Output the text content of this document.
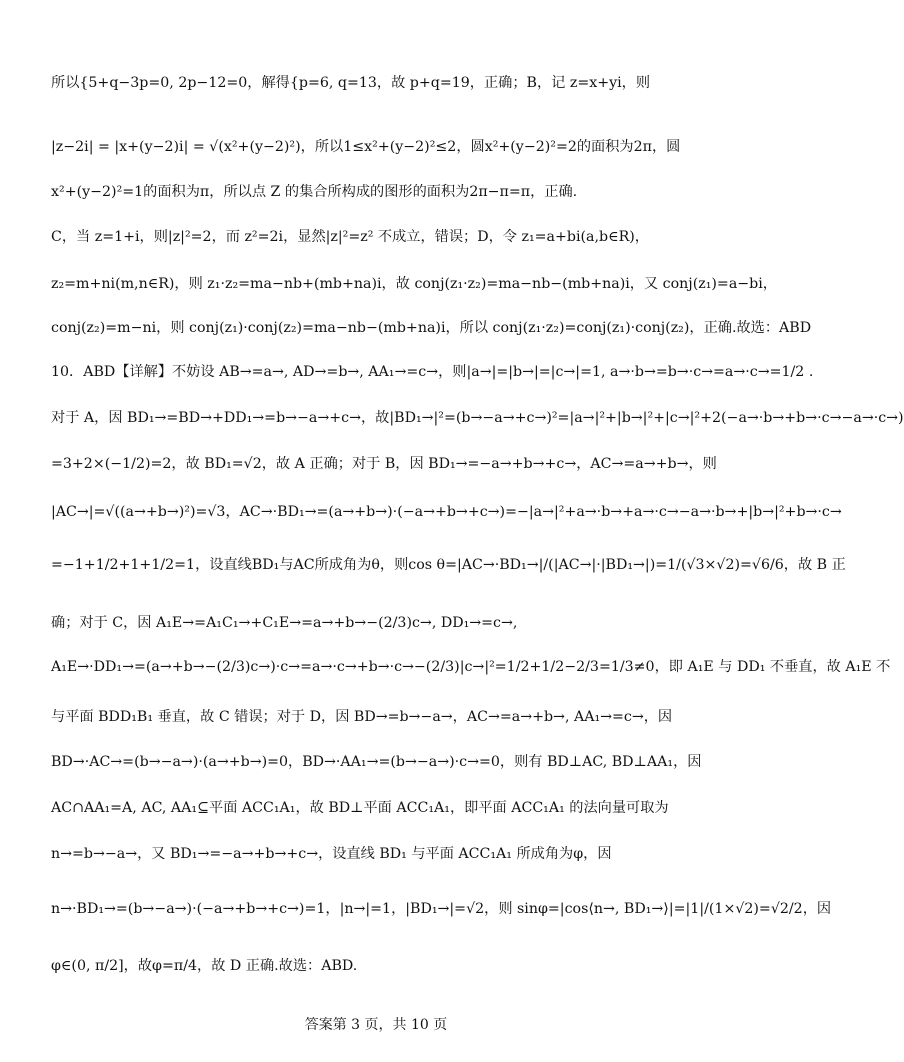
所以{5+q−3p=0, 2p−12=0，解得{p=6, q=13，故 p+q=19，正确；B，记 z=x+yi，则
|z−2i| = |x+(y−2)i| = √(x²+(y−2)²)，所以1≤x²+(y−2)²≤2，圆x²+(y−2)²=2的面积为2π，圆
x²+(y−2)²=1的面积为π，所以点 Z 的集合所构成的图形的面积为2π−π=π，正确.
C，当 z=1+i，则|z|²=2，而 z²=2i，显然|z|²=z² 不成立，错误；D，令 z₁=a+bi(a,b∈R)，
z₂=m+ni(m,n∈R)，则 z₁·z₂=ma−nb+(mb+na)i，故 conj(z₁·z₂)=ma−nb−(mb+na)i，又 conj(z₁)=a−bi，
conj(z₂)=m−ni，则 conj(z₁)·conj(z₂)=ma−nb−(mb+na)i，所以 conj(z₁·z₂)=conj(z₁)·conj(z₂)，正确.故选：ABD
10．ABD【详解】不妨设 AB→=a→, AD→=b→, AA₁→=c→，则|a→|=|b→|=|c→|=1, a→·b→=b→·c→=a→·c→=1/2 .
对于 A，因 BD₁→=BD→+DD₁→=b→−a→+c→，故|BD₁→|²=(b→−a→+c→)²=|a→|²+|b→|²+|c→|²+2(−a→·b→+b→·c→−a→·c→)
=3+2×(−1/2)=2，故 BD₁=√2，故 A 正确；对于 B，因 BD₁→=−a→+b→+c→，AC→=a→+b→，则
|AC→|=√((a→+b→)²)=√3，AC→·BD₁→=(a→+b→)·(−a→+b→+c→)=−|a→|²+a→·b→+a→·c→−a→·b→+|b→|²+b→·c→
=−1+1/2+1+1/2=1，设直线BD₁与AC所成角为θ，则cos θ=|AC→·BD₁→|/(|AC→|·|BD₁→|)=1/(√3×√2)=√6/6，故 B 正
确；对于 C，因 A₁E→=A₁C₁→+C₁E→=a→+b→−(2/3)c→, DD₁→=c→,
A₁E→·DD₁→=(a→+b→−(2/3)c→)·c→=a→·c→+b→·c→−(2/3)|c→|²=1/2+1/2−2/3=1/3≠0，即 A₁E 与 DD₁ 不垂直，故 A₁E 不
与平面 BDD₁B₁ 垂直，故 C 错误；对于 D，因 BD→=b→−a→，AC→=a→+b→, AA₁→=c→，因
BD→·AC→=(b→−a→)·(a→+b→)=0，BD→·AA₁→=(b→−a→)·c→=0，则有 BD⊥AC, BD⊥AA₁，因
AC∩AA₁=A, AC, AA₁⊆平面 ACC₁A₁，故 BD⊥平面 ACC₁A₁，即平面 ACC₁A₁ 的法向量可取为
n→=b→−a→，又 BD₁→=−a→+b→+c→，设直线 BD₁ 与平面 ACC₁A₁ 所成角为φ，因
n→·BD₁→=(b→−a→)·(−a→+b→+c→)=1，|n→|=1，|BD₁→|=√2，则 sinφ=|cos⟨n→, BD₁→⟩|=|1|/(1×√2)=√2/2，因
φ∈(0, π/2]，故φ=π/4，故 D 正确.故选：ABD.
答案第 3 页，共 10 页
